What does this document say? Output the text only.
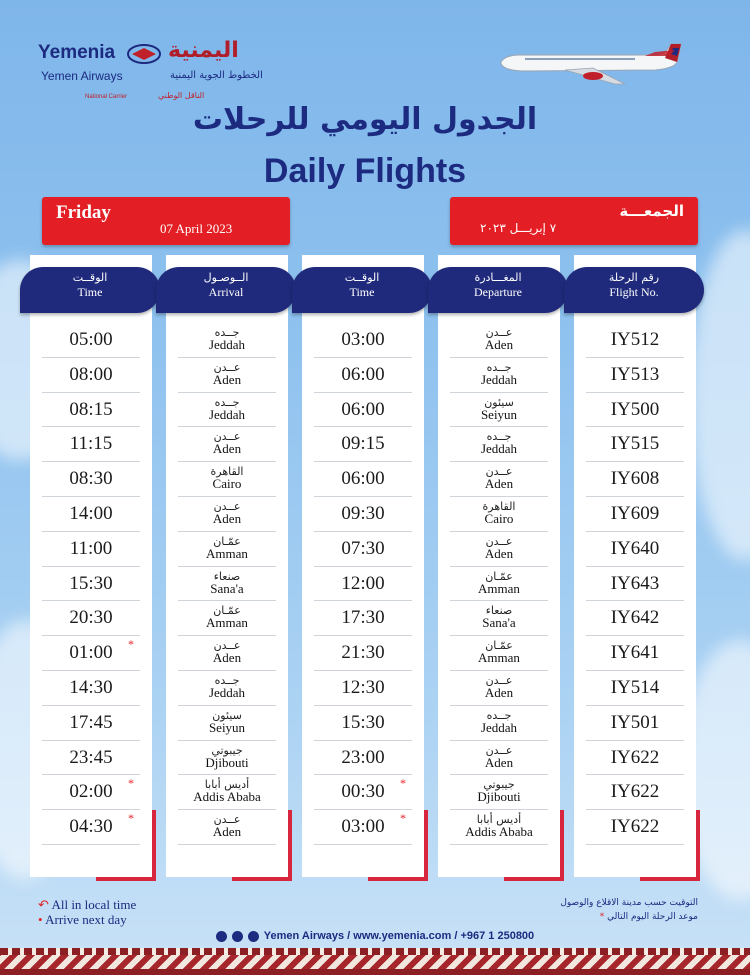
Yemenia اليمنية
Yemen Airways	الخطوط الجوية اليمنية
National Carrier	الناقل الوطني
الجدول اليومي للرحلات
Daily Flights
Friday
07 April 2023
الجمعـــة
٧ إبريـــل ٢٠٢٣
الوقــت
Time
05:00
08:00
08:15
11:15
08:30
14:00
11:00
15:30
20:30
01:00 *
14:30
17:45
23:45
02:00 *
04:30 *
الــوصـول
Arrival
جــده
Jeddah
عــدن
Aden
جــده
Jeddah
عــدن
Aden
القاهرة
Cairo
عــدن
Aden
عمّـان
Amman
صنعاء
Sana'a
عمّـان
Amman
عــدن
Aden
جــده
Jeddah
سيئون
Seiyun
جيبوتي
Djibouti
أديس أبابا
Addis Ababa
عــدن
Aden
الوقــت
Time
03:00
06:00
06:00
09:15
06:00
09:30
07:30
12:00
17:30
21:30
12:30
15:30
23:00
00:30 *
03:00 *
المغـــادرة
Departure
عــدن
Aden
جــده
Jeddah
سيئون
Seiyun
جــده
Jeddah
عــدن
Aden
القاهرة
Cairo
عــدن
Aden
عمّـان
Amman
صنعاء
Sana'a
عمّـان
Amman
عــدن
Aden
جــده
Jeddah
عــدن
Aden
جيبوتي
Djibouti
أديس أبابا
Addis Ababa
رقم الرحلة
Flight No.
IY512
IY513
IY500
IY515
IY608
IY609
IY640
IY643
IY642
IY641
IY514
IY501
IY622
IY622
IY622
↶ All in local time
• Arrive next day
التوقيت حسب مدينة الاقلاع والوصول
* موعد الرحلة اليوم التالي
Yemen Airways / www.yemenia.com / +967 1 250800
